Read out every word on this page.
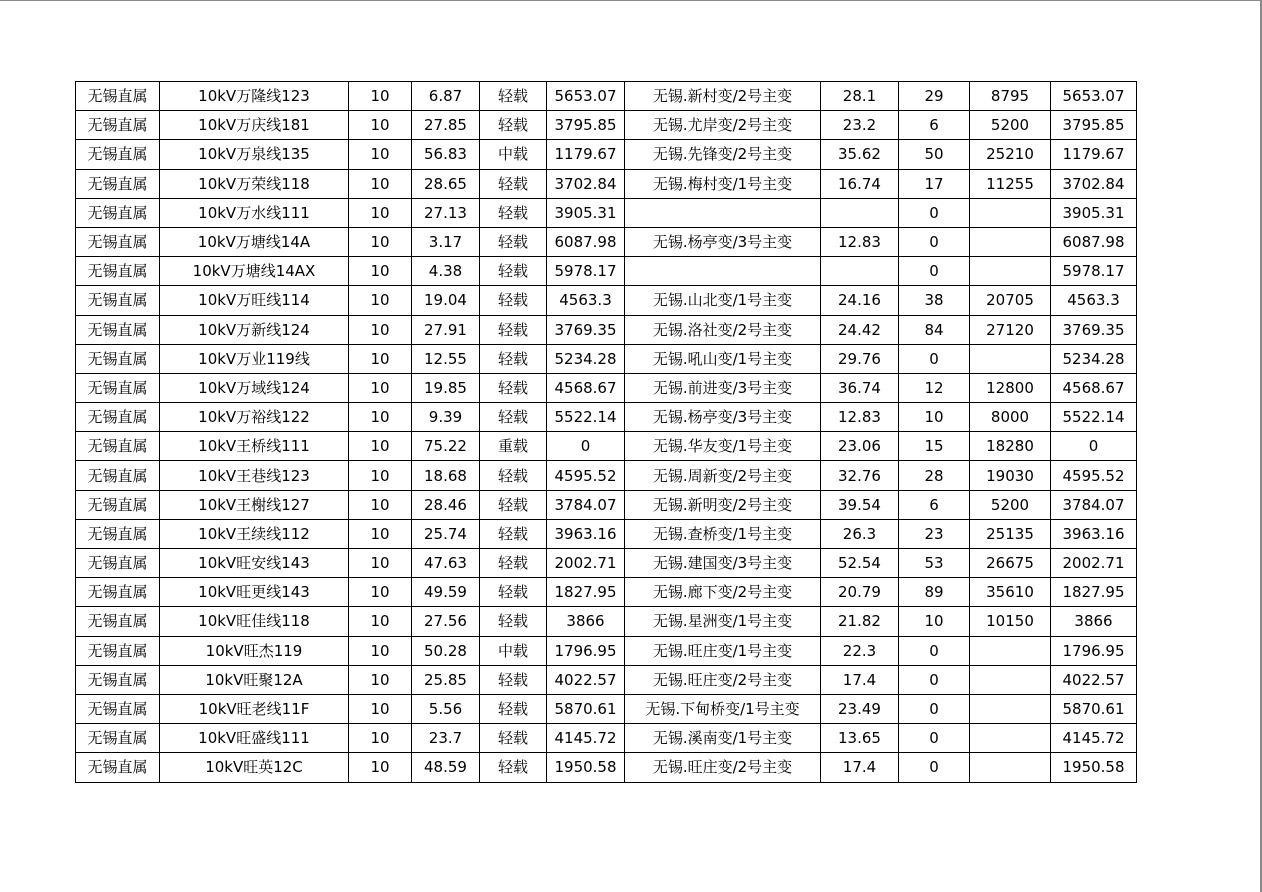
无锡直属	10kV万隆线123	10	6.87	轻载	5653.07	无锡.新村变/2号主变	28.1	29	8795	5653.07
无锡直属	10kV万庆线181	10	27.85	轻载	3795.85	无锡.尤岸变/2号主变	23.2	6	5200	3795.85
无锡直属	10kV万泉线135	10	56.83	中载	1179.67	无锡.先锋变/2号主变	35.62	50	25210	1179.67
无锡直属	10kV万荣线118	10	28.65	轻载	3702.84	无锡.梅村变/1号主变	16.74	17	11255	3702.84
无锡直属	10kV万水线111	10	27.13	轻载	3905.31			0		3905.31
无锡直属	10kV万塘线14A	10	3.17	轻载	6087.98	无锡.杨亭变/3号主变	12.83	0		6087.98
无锡直属	10kV万塘线14AX	10	4.38	轻载	5978.17			0		5978.17
无锡直属	10kV万旺线114	10	19.04	轻载	4563.3	无锡.山北变/1号主变	24.16	38	20705	4563.3
无锡直属	10kV万新线124	10	27.91	轻载	3769.35	无锡.洛社变/2号主变	24.42	84	27120	3769.35
无锡直属	10kV万业119线	10	12.55	轻载	5234.28	无锡.吼山变/1号主变	29.76	0		5234.28
无锡直属	10kV万域线124	10	19.85	轻载	4568.67	无锡.前进变/3号主变	36.74	12	12800	4568.67
无锡直属	10kV万裕线122	10	9.39	轻载	5522.14	无锡.杨亭变/3号主变	12.83	10	8000	5522.14
无锡直属	10kV王桥线111	10	75.22	重载	0	无锡.华友变/1号主变	23.06	15	18280	0
无锡直属	10kV王巷线123	10	18.68	轻载	4595.52	无锡.周新变/2号主变	32.76	28	19030	4595.52
无锡直属	10kV王榭线127	10	28.46	轻载	3784.07	无锡.新明变/2号主变	39.54	6	5200	3784.07
无锡直属	10kV王续线112	10	25.74	轻载	3963.16	无锡.查桥变/1号主变	26.3	23	25135	3963.16
无锡直属	10kV旺安线143	10	47.63	轻载	2002.71	无锡.建国变/3号主变	52.54	53	26675	2002.71
无锡直属	10kV旺更线143	10	49.59	轻载	1827.95	无锡.廊下变/2号主变	20.79	89	35610	1827.95
无锡直属	10kV旺佳线118	10	27.56	轻载	3866	无锡.星洲变/1号主变	21.82	10	10150	3866
无锡直属	10kV旺杰119	10	50.28	中载	1796.95	无锡.旺庄变/1号主变	22.3	0		1796.95
无锡直属	10kV旺聚12A	10	25.85	轻载	4022.57	无锡.旺庄变/2号主变	17.4	0		4022.57
无锡直属	10kV旺老线11F	10	5.56	轻载	5870.61	无锡.下甸桥变/1号主变	23.49	0		5870.61
无锡直属	10kV旺盛线111	10	23.7	轻载	4145.72	无锡.溪南变/1号主变	13.65	0		4145.72
无锡直属	10kV旺英12C	10	48.59	轻载	1950.58	无锡.旺庄变/2号主变	17.4	0		1950.58
